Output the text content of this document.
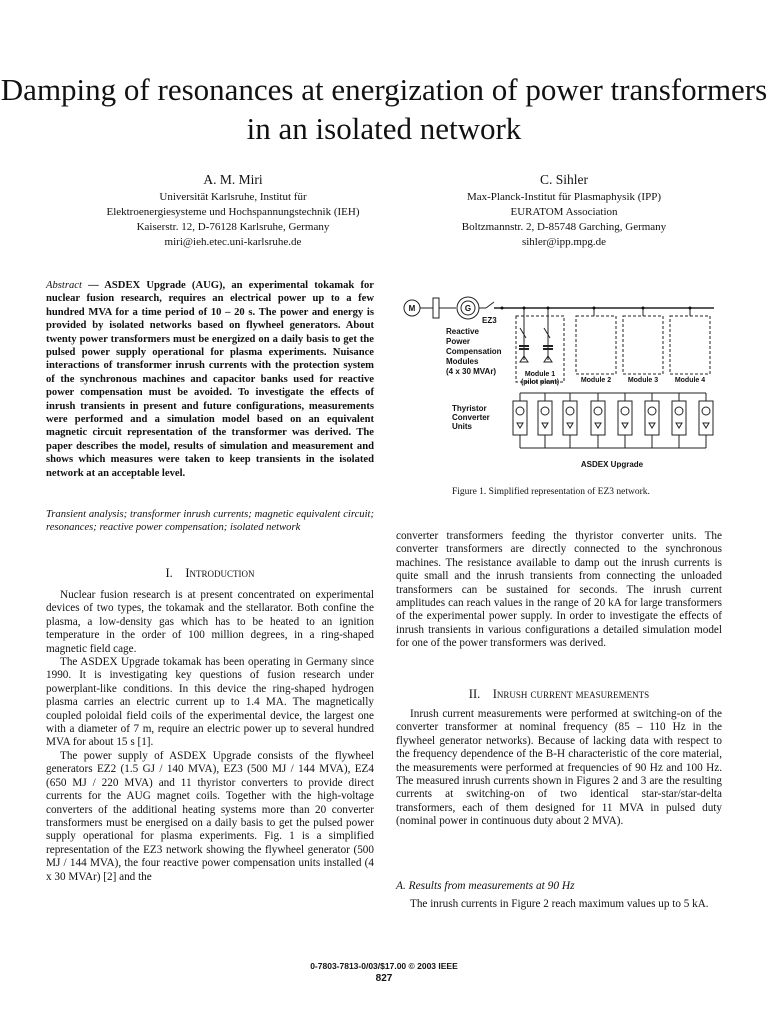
Damping of resonances at energization of power transformers in an isolated network
A. M. Miri
Universität Karlsruhe, Institut für
Elektroenergiesysteme und Hochspannungstechnik (IEH)
Kaiserstr. 12, D-76128 Karlsruhe, Germany
miri@ieh.etec.uni-karlsruhe.de
C. Sihler
Max-Planck-Institut für Plasmaphysik (IPP)
EURATOM Association
Boltzmannstr. 2, D-85748 Garching, Germany
sihler@ipp.mpg.de
Abstract — ASDEX Upgrade (AUG), an experimental tokamak for nuclear fusion research, requires an electrical power up to a few hundred MVA for a time period of 10 – 20 s. The power and energy is provided by isolated networks based on flywheel generators. About twenty power transformers must be energized on a daily basis to get the pulsed power supply operational for plasma experiments. Nuisance interactions of transformer inrush currents with the protection system of the synchronous machines and capacitor banks used for reactive power compensation must be avoided. To investigate the effects of inrush transients in present and future configurations, measurements were performed and a simulation model based on an equivalent magnetic circuit representation of the transformer was derived. The paper describes the model, results of simulation and measurement and shows which measures were taken to keep transients in the isolated network at an acceptable level.
Transient analysis; transformer inrush currents; magnetic equivalent circuit; resonances; reactive power compensation; isolated network
I. Introduction

Nuclear fusion research is at present concentrated on experimental devices of two types, the tokamak and the stellarator. Both confine the plasma, a low-density gas which has to be heated to an ignition temperature in the order of 100 million degrees, in a ring-shaped magnetic field cage.

The ASDEX Upgrade tokamak has been operating in Germany since 1990. It is investigating key questions of fusion research under powerplant-like conditions. In this device the ring-shaped hydrogen plasma carries an electric current up to 1.4 MA. The magnetically coupled poloidal field coils of the experimental device, the largest one with a diameter of 7 m, require an electric power up to several hundred MVA for about 15 s [1].

The power supply of ASDEX Upgrade consists of the flywheel generators EZ2 (1.5 GJ / 140 MVA), EZ3 (500 MJ / 144 MVA), EZ4 (650 MJ / 220 MVA) and 11 thyristor converters to provide direct currents for the AUG magnet coils. Together with the high-voltage converters of the additional heating systems more than 20 converter transformers must be energised on a daily basis to get the pulsed power supply operational for plasma experiments. Fig. 1 is a simplified representation of the EZ3 network showing the flywheel generator (500 MJ / 144 MVA), the four reactive power compensation units installed (4 x 30 MVAr) [2] and the

M	G
EZ3
Reactive
Power
Compensation
Modules
(4 x 30 MVAr)	Module 1
(pilot plant)	Module 2 Module 3 Module 4
Thyristor
Converter
Units
ASDEX Upgrade
Figure 1. Simplified representation of EZ3 network.

converter transformers feeding the thyristor converter units. The converter transformers are directly connected to the synchronous machines. The resistance available to damp out the inrush currents is quite small and the inrush transients from connecting the unloaded transformers can be sustained for seconds. The inrush current amplitudes can reach values in the range of 20 kA for large transformers of the experimental power supply. In order to investigate the effects of inrush transients in various configurations a detailed simulation model for one of the power transformers was derived.

II. Inrush current measurements

Inrush current measurements were performed at switching-on of the converter transformer at nominal frequency (85 – 110 Hz in the flywheel generator networks). Because of lacking data with respect to the frequency dependence of the B-H characteristic of the core material, the measurements were performed at frequencies of 90 Hz and 100 Hz. The measured inrush currents shown in Figures 2 and 3 are the resulting currents at switching-on of two identical star-star/star-delta transformers, each of them designed for 11 MVA in pulsed duty (nominal power in continuous duty about 2 MVA).

A. Results from measurements at 90 Hz

The inrush currents in Figure 2 reach maximum values up to 5 kA.

0-7803-7813-0/03/$17.00 © 2003 IEEE
827
